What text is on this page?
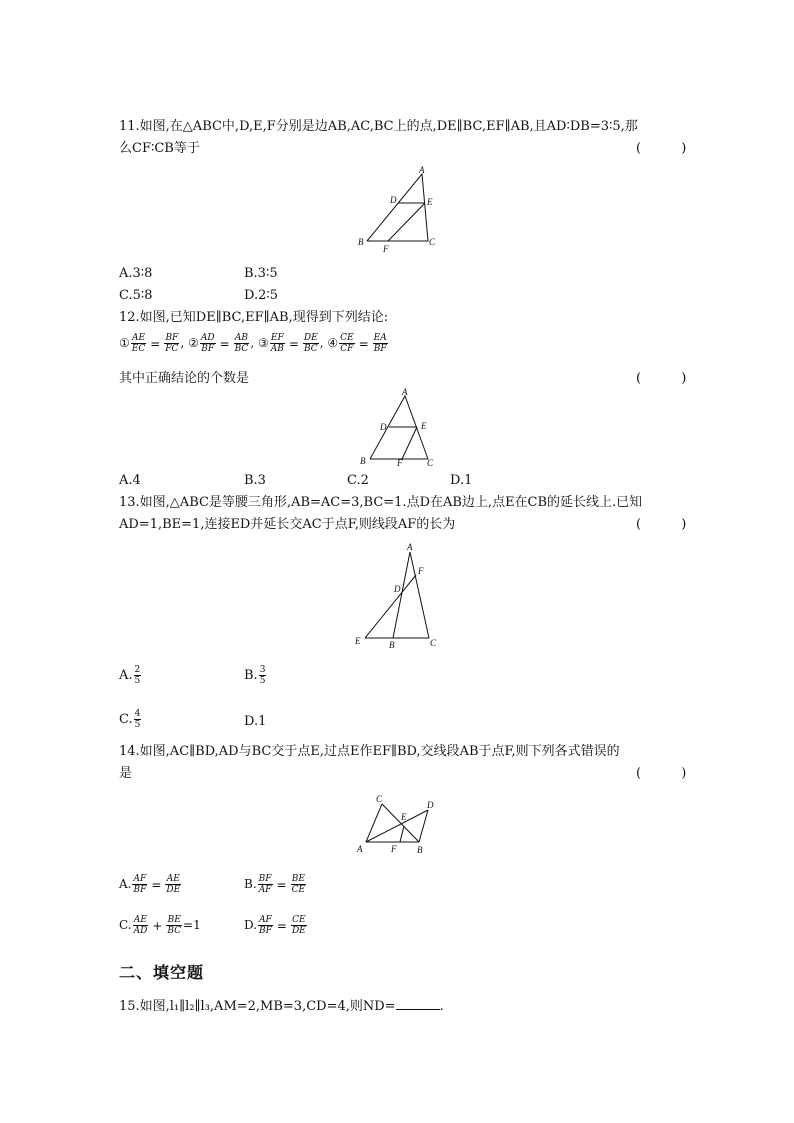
11.如图,在△ABC中,D,E,F分别是边AB,AC,BC上的点,DE∥BC,EF∥AB,且AD∶DB=3∶5,那
么CF∶CB等于	( )
A
B	C
D	E
F
A.3∶8	B.3∶5
C.5∶8	D.2∶5
12.如图,已知DE∥BC,EF∥AB,现得到下列结论:
① $\frac{AE}{EC} = \frac{BF}{FC}$ , ② $\frac{AD}{BF} = \frac{AB}{BC}$ , ③ $\frac{EF}{AB} = \frac{DE}{BC}$ , ④ $\frac{CE}{CF} = \frac{EA}{BF}$
其中正确结论的个数是	( )
A
B	C
D	E
F
A.4	B.3	C.2	D.1
13.如图,△ABC是等腰三角形,AB=AC=3,BC=1.点D在AB边上,点E在CB的延长线上.已知
AD=1,BE=1,连接ED并延长交AC于点F,则线段AF的长为	( )
A
B	C
D
E
F
A. $\frac{2}{5}$	B. $\frac{3}{5}$
C. $\frac{4}{5}$	D.1
14.如图,AC∥BD,AD与BC交于点E,过点E作EF∥BD,交线段AB于点F,则下列各式错误的
是	( )
A	B
C
D
E
F
A. $\frac{AF}{BF} = \frac{AE}{DE}$	B. $\frac{BF}{AF} = \frac{BE}{CE}$
C. $\frac{AE}{AD} + \frac{BE}{BC} =1$	D. $\frac{AF}{BF} = \frac{CE}{DE}$
二、填空题
15.如图,l₁∥l₂∥l₃,AM=2,MB=3,CD=4,则ND=	.
